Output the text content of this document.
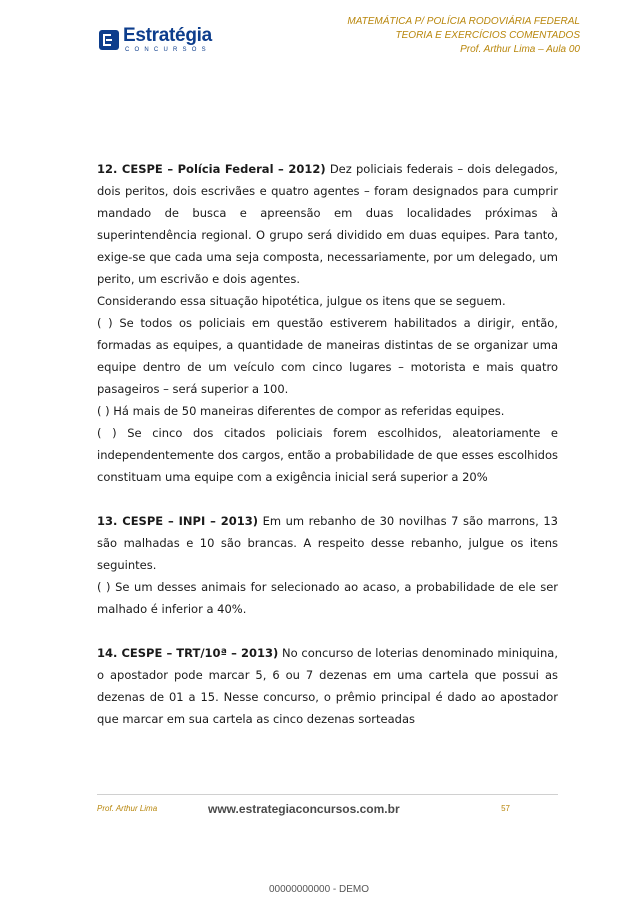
Estratégia
CONCURSOS
MATEMÁTICA P/ POLÍCIA RODOVIÁRIA FEDERAL
TEORIA E EXERCÍCIOS COMENTADOS
Prof. Arthur Lima – Aula 00

12. CESPE – Polícia Federal – 2012) Dez policiais federais – dois delegados, dois peritos, dois escrivães e quatro agentes – foram designados para cumprir mandado de busca e apreensão em duas localidades próximas à superintendência regional. O grupo será dividido em duas equipes. Para tanto, exige-se que cada uma seja composta, necessariamente, por um delegado, um perito, um escrivão e dois agentes.

Considerando essa situação hipotética, julgue os itens que se seguem.

( ) Se todos os policiais em questão estiverem habilitados a dirigir, então, formadas as equipes, a quantidade de maneiras distintas de se organizar uma equipe dentro de um veículo com cinco lugares – motorista e mais quatro pasageiros – será superior a 100.

( ) Há mais de 50 maneiras diferentes de compor as referidas equipes.

( ) Se cinco dos citados policiais forem escolhidos, aleatoriamente e independentemente dos cargos, então a probabilidade de que esses escolhidos constituam uma equipe com a exigência inicial será superior a 20%

13. CESPE – INPI – 2013) Em um rebanho de 30 novilhas 7 são marrons, 13 são malhadas e 10 são brancas. A respeito desse rebanho, julgue os itens seguintes.

( ) Se um desses animais for selecionado ao acaso, a probabilidade de ele ser malhado é inferior a 40%.

14. CESPE – TRT/10ª – 2013) No concurso de loterias denominado miniquina, o apostador pode marcar 5, 6 ou 7 dezenas em uma cartela que possui as dezenas de 01 a 15. Nesse concurso, o prêmio principal é dado ao apostador que marcar em sua cartela as cinco dezenas sorteadas

Prof. Arthur Lima	www.estrategiaconcursos.com.br	57
00000000000 - DEMO
